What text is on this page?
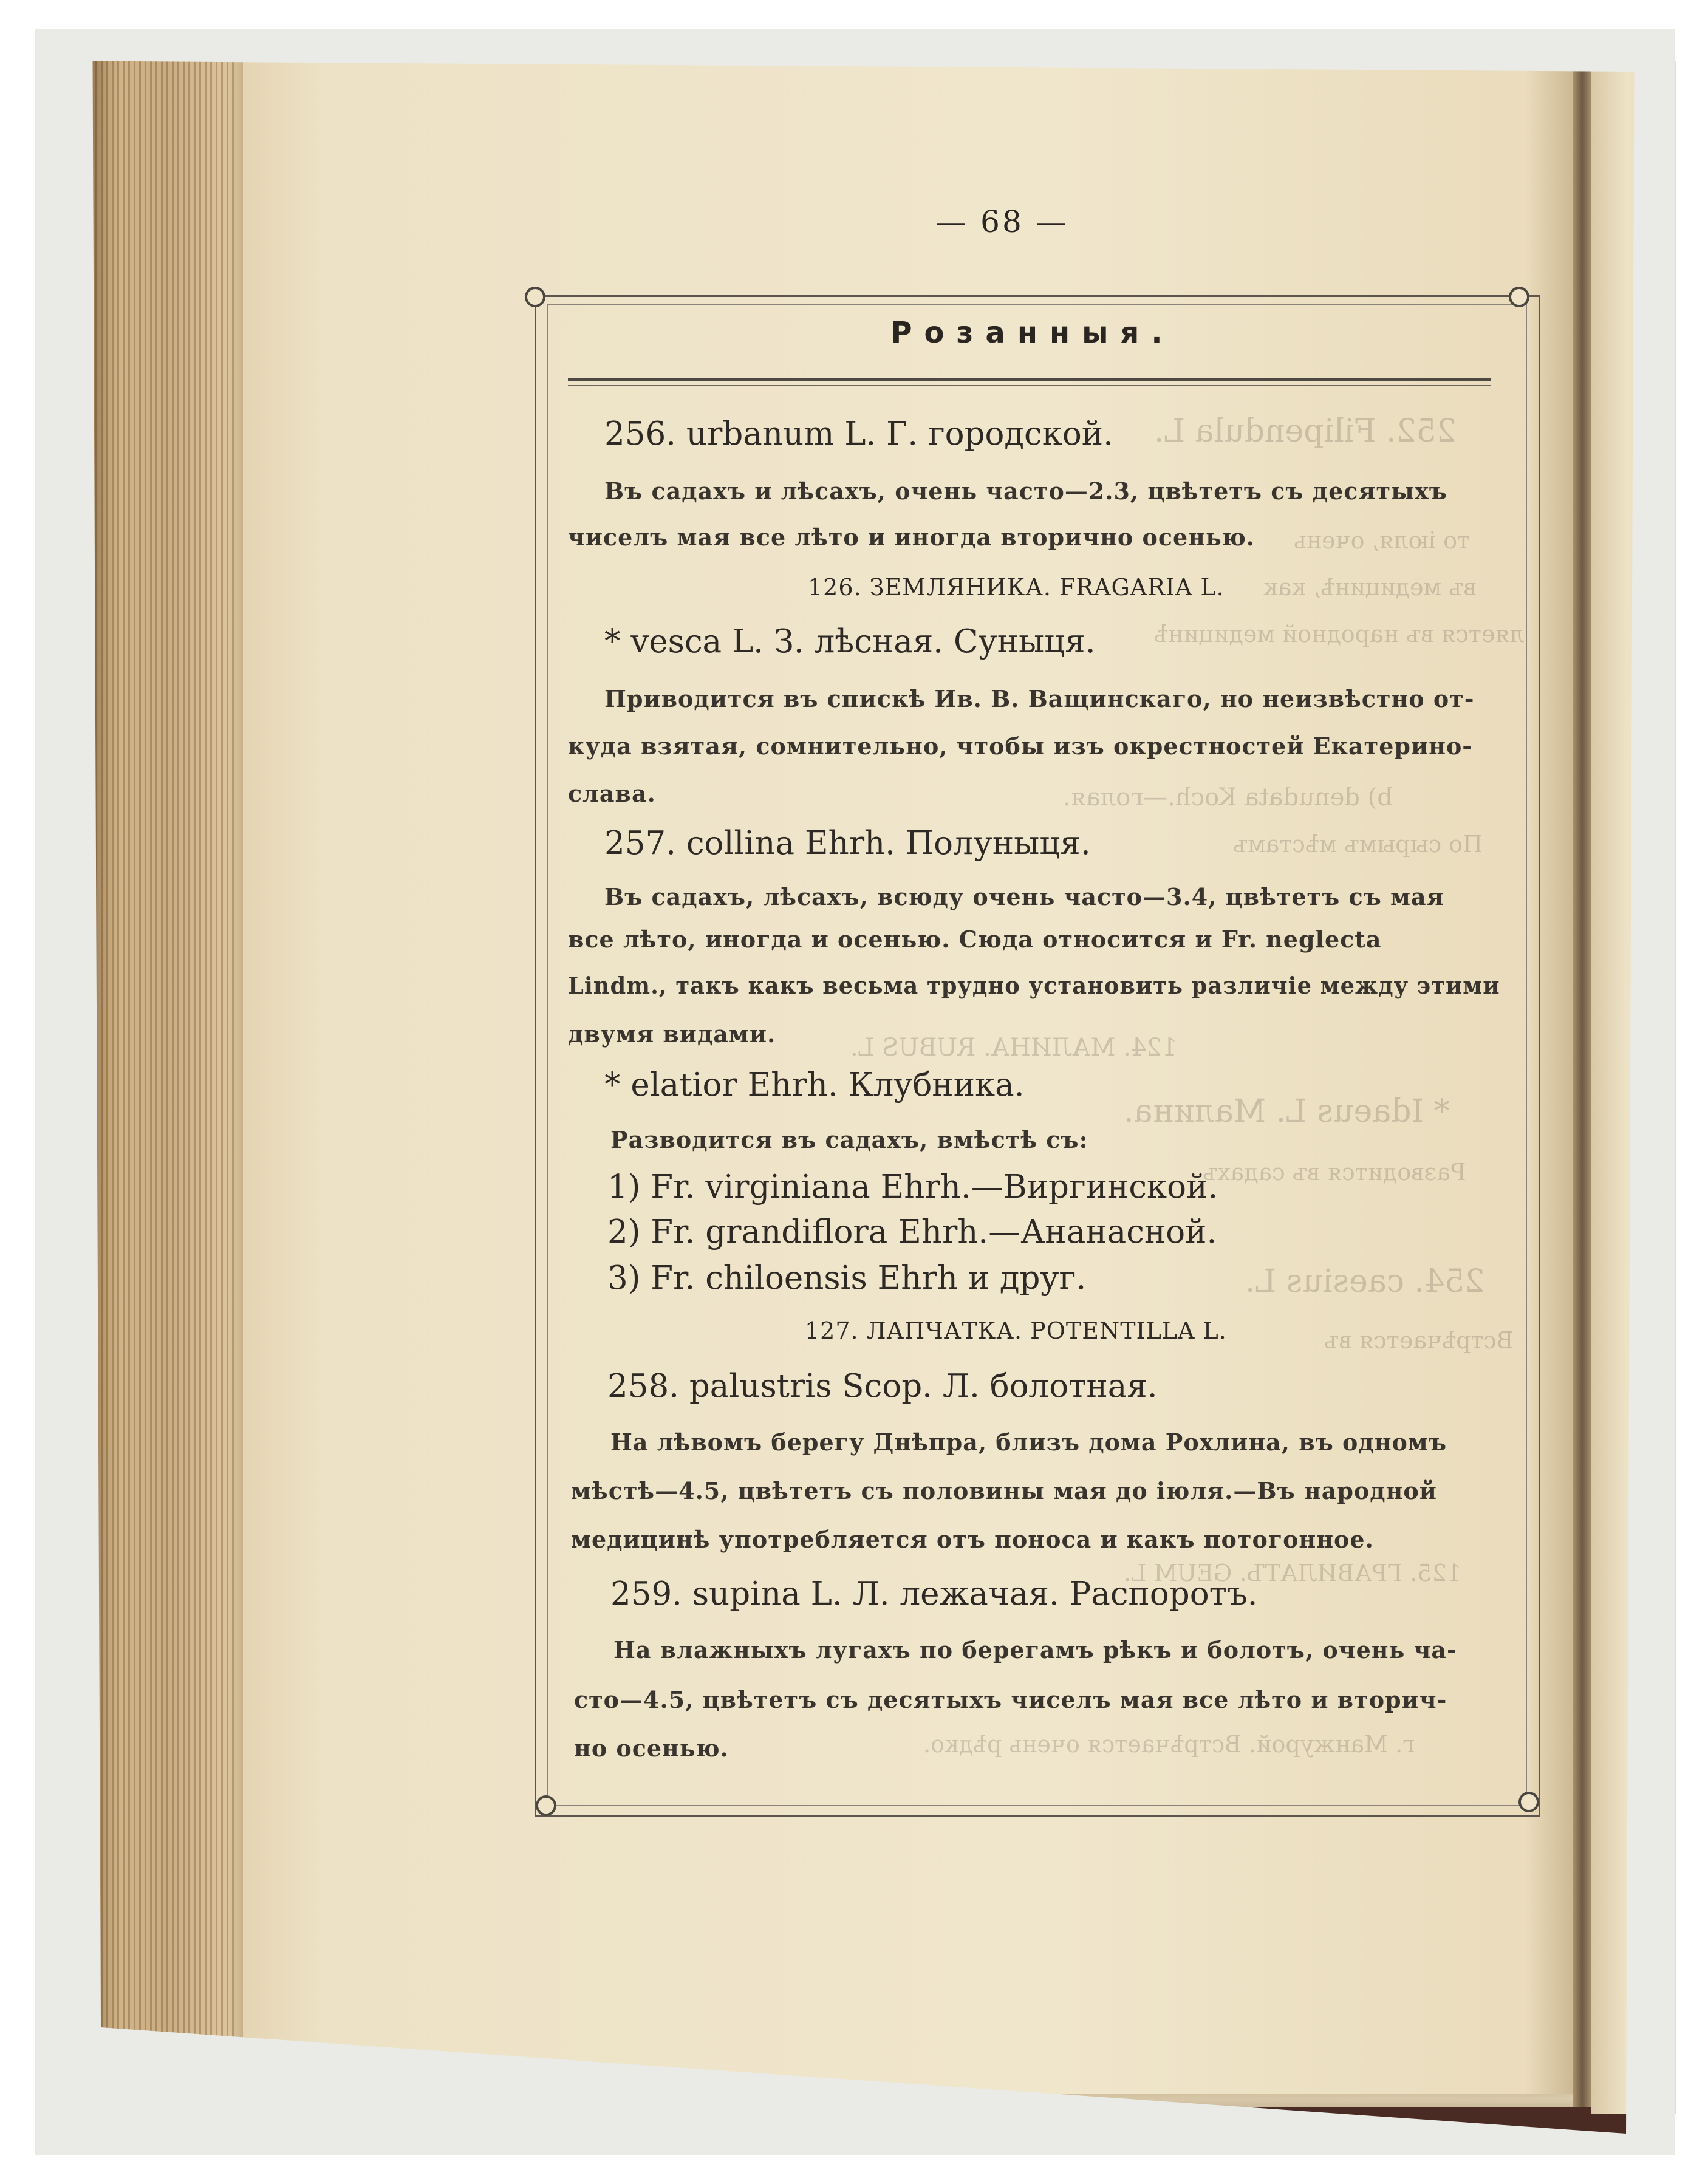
252. Filipendula L.
то іюля, очень
въ медицинѣ, как
ляется въ народной медицинѣ
b) denudata Koch.—голая.
По сырымъ мѣстамъ
124. МАЛИНА. RUBUS L.
* Idaeus L. Малина.
Разводится въ садахъ
254. caesius L.
Встрѣчается въ
125. ГРАВИЛАТЪ. GEUM L.
г. Манжурой. Встрѣчается очень рѣдко.
— 68 —
Розанныя.
256. urbanum L. Г. городской.
Въ садахъ и лѣсахъ, очень часто—2.3, цвѣтетъ съ десятыхъ
чиселъ мая все лѣто и иногда вторично осенью.
126. ЗЕМЛЯНИКА. FRAGARIA L.
* vesca L. З. лѣсная. Суныця.
Приводится въ спискѣ Ив. В. Ващинскаго, но неизвѣстно от-
куда взятая, сомнительно, чтобы изъ окрестностей Екатерино-
слава.
257. collina Ehrh. Полуныця.
Въ садахъ, лѣсахъ, всюду очень часто—3.4, цвѣтетъ съ мая
все лѣто, иногда и осенью. Сюда относится и Fr. neglecta
Lindm., такъ какъ весьма трудно установить различіе между этими
двумя видами.
* elatior Ehrh. Клубника.
Разводится въ садахъ, вмѣстѣ съ:
1) Fr. virginiana Ehrh.—Виргинской.
2) Fr. grandiflora Ehrh.—Ананасной.
3) Fr. chiloensis Ehrh и друг.
127. ЛАПЧАТКА. POTENTILLA L.
258. palustris Scop. Л. болотная.
На лѣвомъ берегу Днѣпра, близъ дома Рохлина, въ одномъ
мѣстѣ—4.5, цвѣтетъ съ половины мая до іюля.—Въ народной
медицинѣ употребляется отъ поноса и какъ потогонное.
259. supina L. Л. лежачая. Распоротъ.
На влажныхъ лугахъ по берегамъ рѣкъ и болотъ, очень ча-
сто—4.5, цвѣтетъ съ десятыхъ чиселъ мая все лѣто и вторич-
но осенью.
